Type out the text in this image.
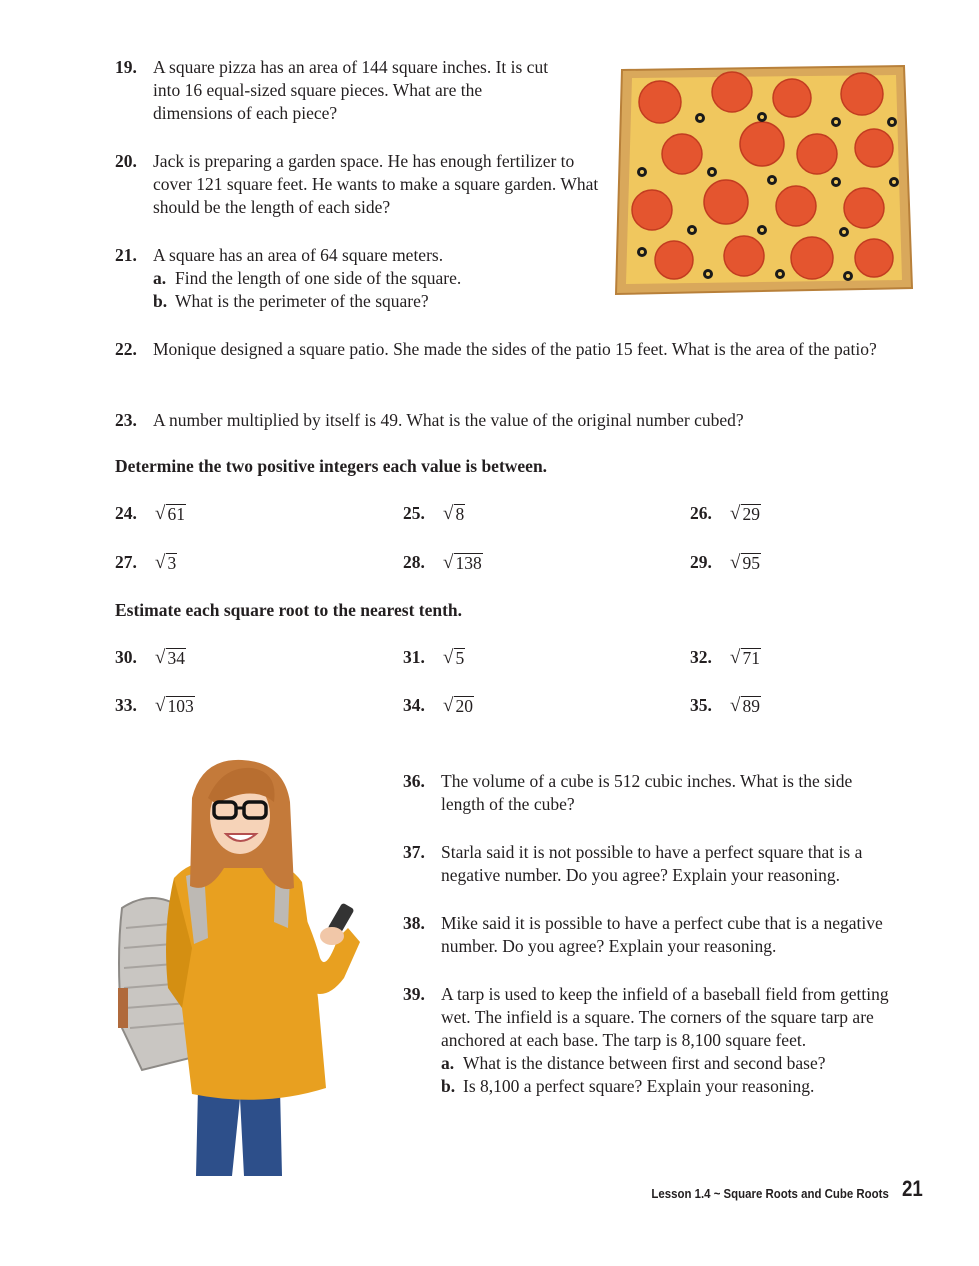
19. A square pizza has an area of 144 square inches. It is cut into 16 equal-sized square pieces. What are the dimensions of each piece?
20. Jack is preparing a garden space. He has enough fertilizer to cover 121 square feet. He wants to make a square garden. What should be the length of each side?
21. A square has an area of 64 square meters.
a. Find the length of one side of the square.
b. What is the perimeter of the square?
22. Monique designed a square patio. She made the sides of the patio 15 feet. What is the area of the patio?
23. A number multiplied by itself is 49. What is the value of the original number cubed?
Determine the two positive integers each value is between.
24. √ 61	25. √ 8	26. √ 29
27. √ 3	28. √ 138	29. √ 95
Estimate each square root to the nearest tenth.
30. √ 34	31. √ 5	32. √ 71
33. √ 103	34. √ 20	35. √ 89
36. The volume of a cube is 512 cubic inches. What is the side length of the cube?
37. Starla said it is not possible to have a perfect square that is a negative number. Do you agree? Explain your reasoning.
38. Mike said it is possible to have a perfect cube that is a negative number. Do you agree? Explain your reasoning.
39. A tarp is used to keep the infield of a baseball field from getting wet. The infield is a square. The corners of the square tarp are anchored at each base. The tarp is 8,100 square feet.
a. What is the distance between first and second base?
b. Is 8,100 a perfect square? Explain your reasoning.
Lesson 1.4 ~ Square Roots and Cube Roots 21
